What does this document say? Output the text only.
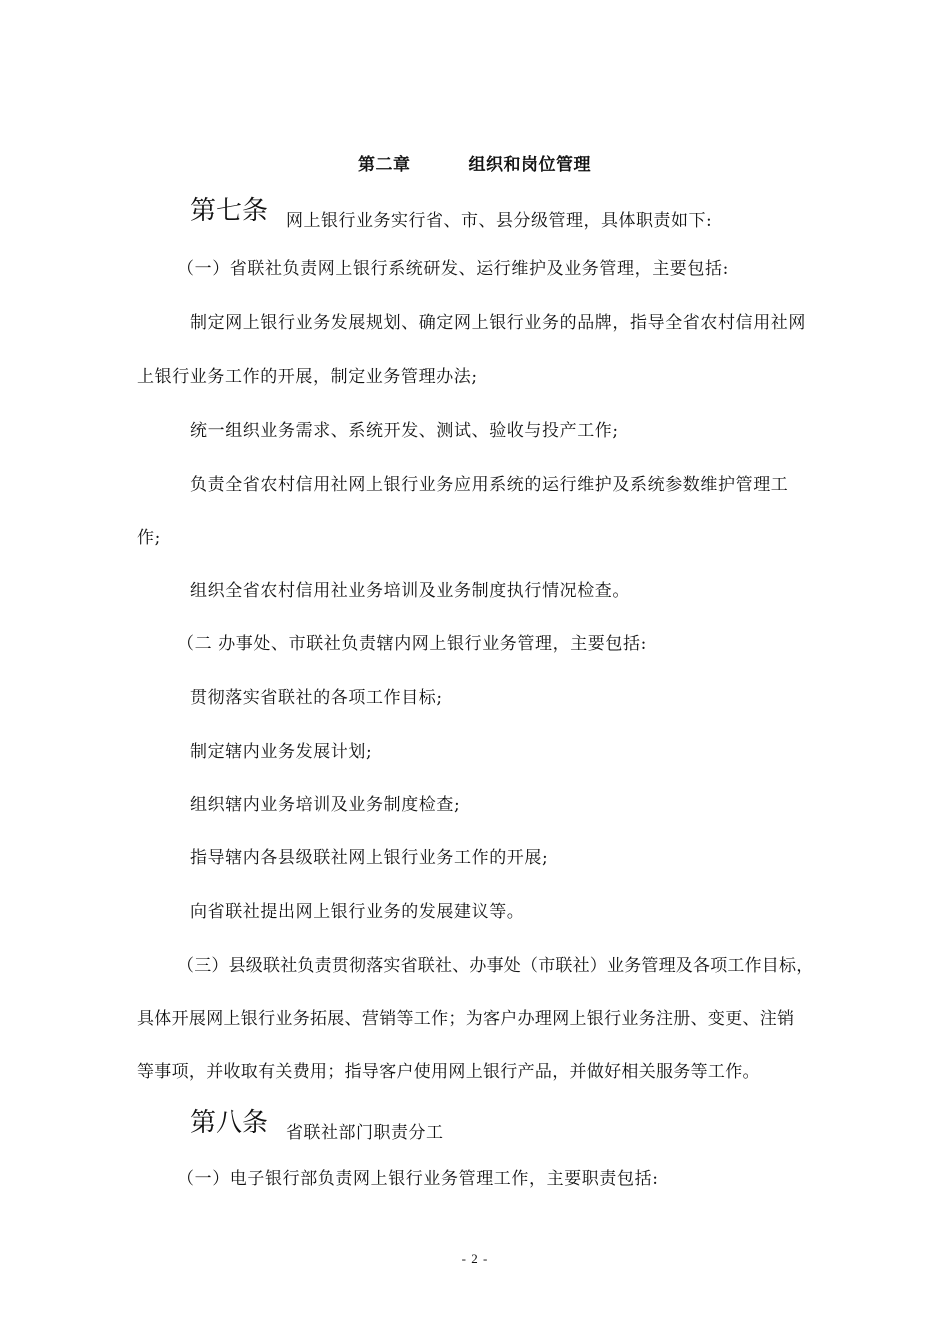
第二章	组织和岗位管理
第七条 网上银行业务实行省、市、县分级管理，具体职责如下:
（一）省联社负责网上银行系统研发、运行维护及业务管理，主要包括:
制定网上银行业务发展规划、确定网上银行业务的品牌，指导全省农村信用社网
上银行业务工作的开展，制定业务管理办法;
统一组织业务需求、系统开发、测试、验收与投产工作;
负责全省农村信用社网上银行业务应用系统的运行维护及系统参数维护管理工
作;
组织全省农村信用社业务培训及业务制度执行情况检查。
（二 办事处、市联社负责辖内网上银行业务管理，主要包括:
贯彻落实省联社的各项工作目标;
制定辖内业务发展计划;
组织辖内业务培训及业务制度检查;
指导辖内各县级联社网上银行业务工作的开展;
向省联社提出网上银行业务的发展建议等。
（三）县级联社负责贯彻落实省联社、办事处（市联社）业务管理及各项工作目标，
具体开展网上银行业务拓展、营销等工作；为客户办理网上银行业务注册、变更、注销
等事项，并收取有关费用；指导客户使用网上银行产品，并做好相关服务等工作。
第八条 省联社部门职责分工
（一）电子银行部负责网上银行业务管理工作，主要职责包括:
- 2 -
